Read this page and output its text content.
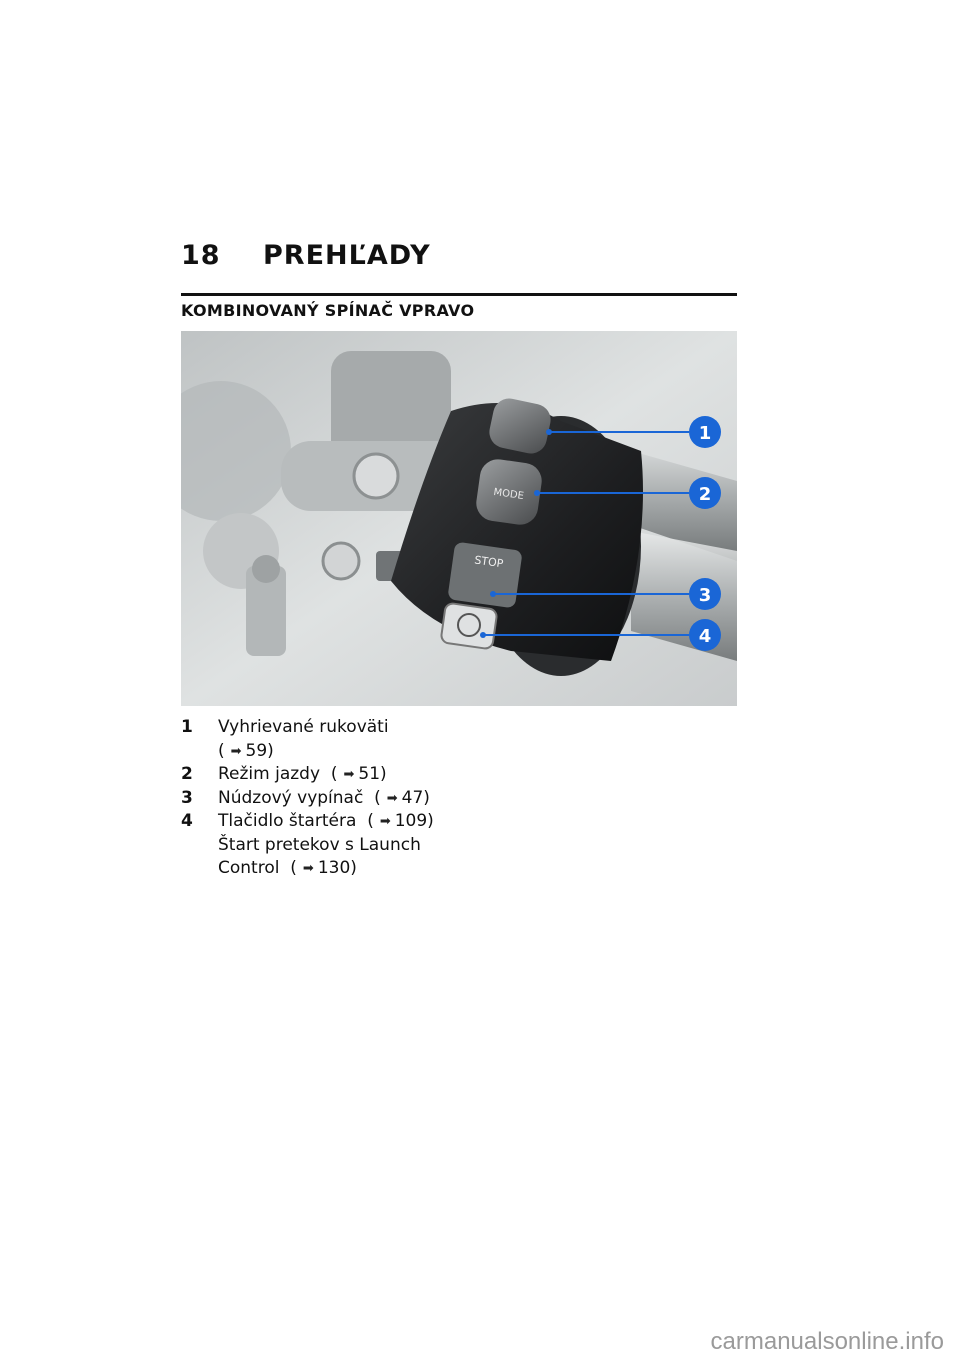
18 PREHĽADY
KOMBINOVANÝ SPÍNAČ VPRAVO
MODE
STOP
1
2
3
4
1	Vyhrievané rukoväti
( ➡ 59)
2	Režim jazdy ( ➡ 51)
3	Núdzový vypínač ( ➡ 47)
4	Tlačidlo štartéra ( ➡ 109)
Štart pretekov s Launch
Control ( ➡ 130)
carmanualsonline.info
